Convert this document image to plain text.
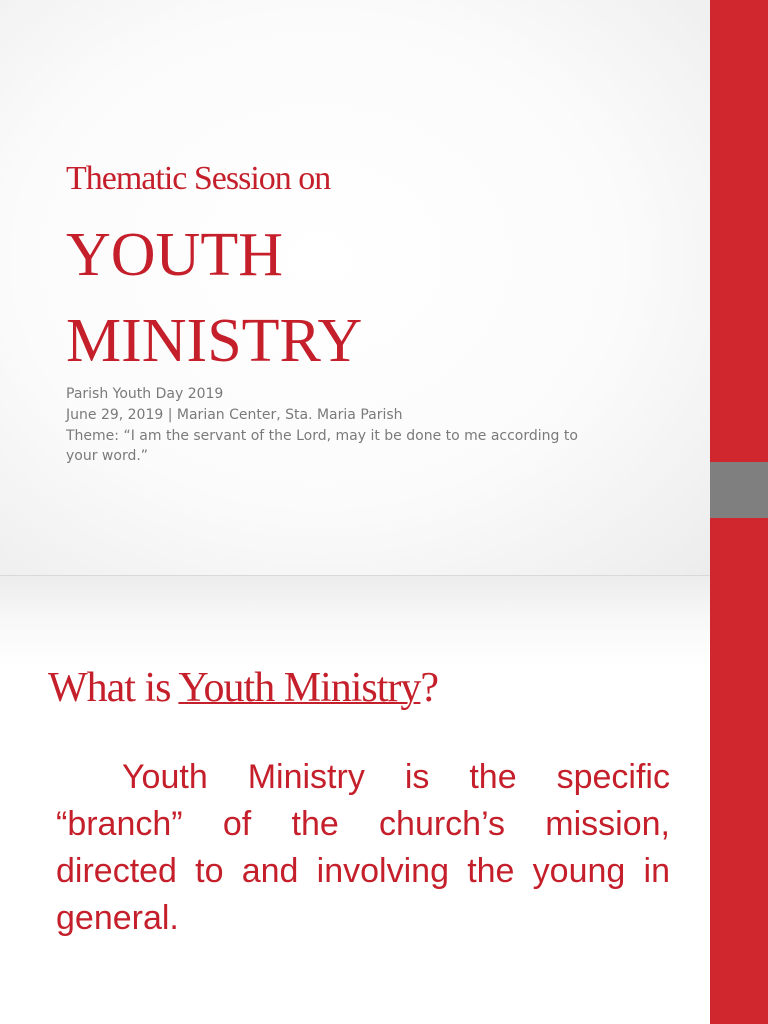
Thematic Session on
YOUTH
MINISTRY

Parish Youth Day 2019

June 29, 2019 | Marian Center, Sta. Maria Parish

Theme: “I am the servant of the Lord, may it be done to me according to your word.”

What is Youth Ministry?
Youth Ministry is the specific “branch” of the church’s mission, directed to and involving the young in general.
